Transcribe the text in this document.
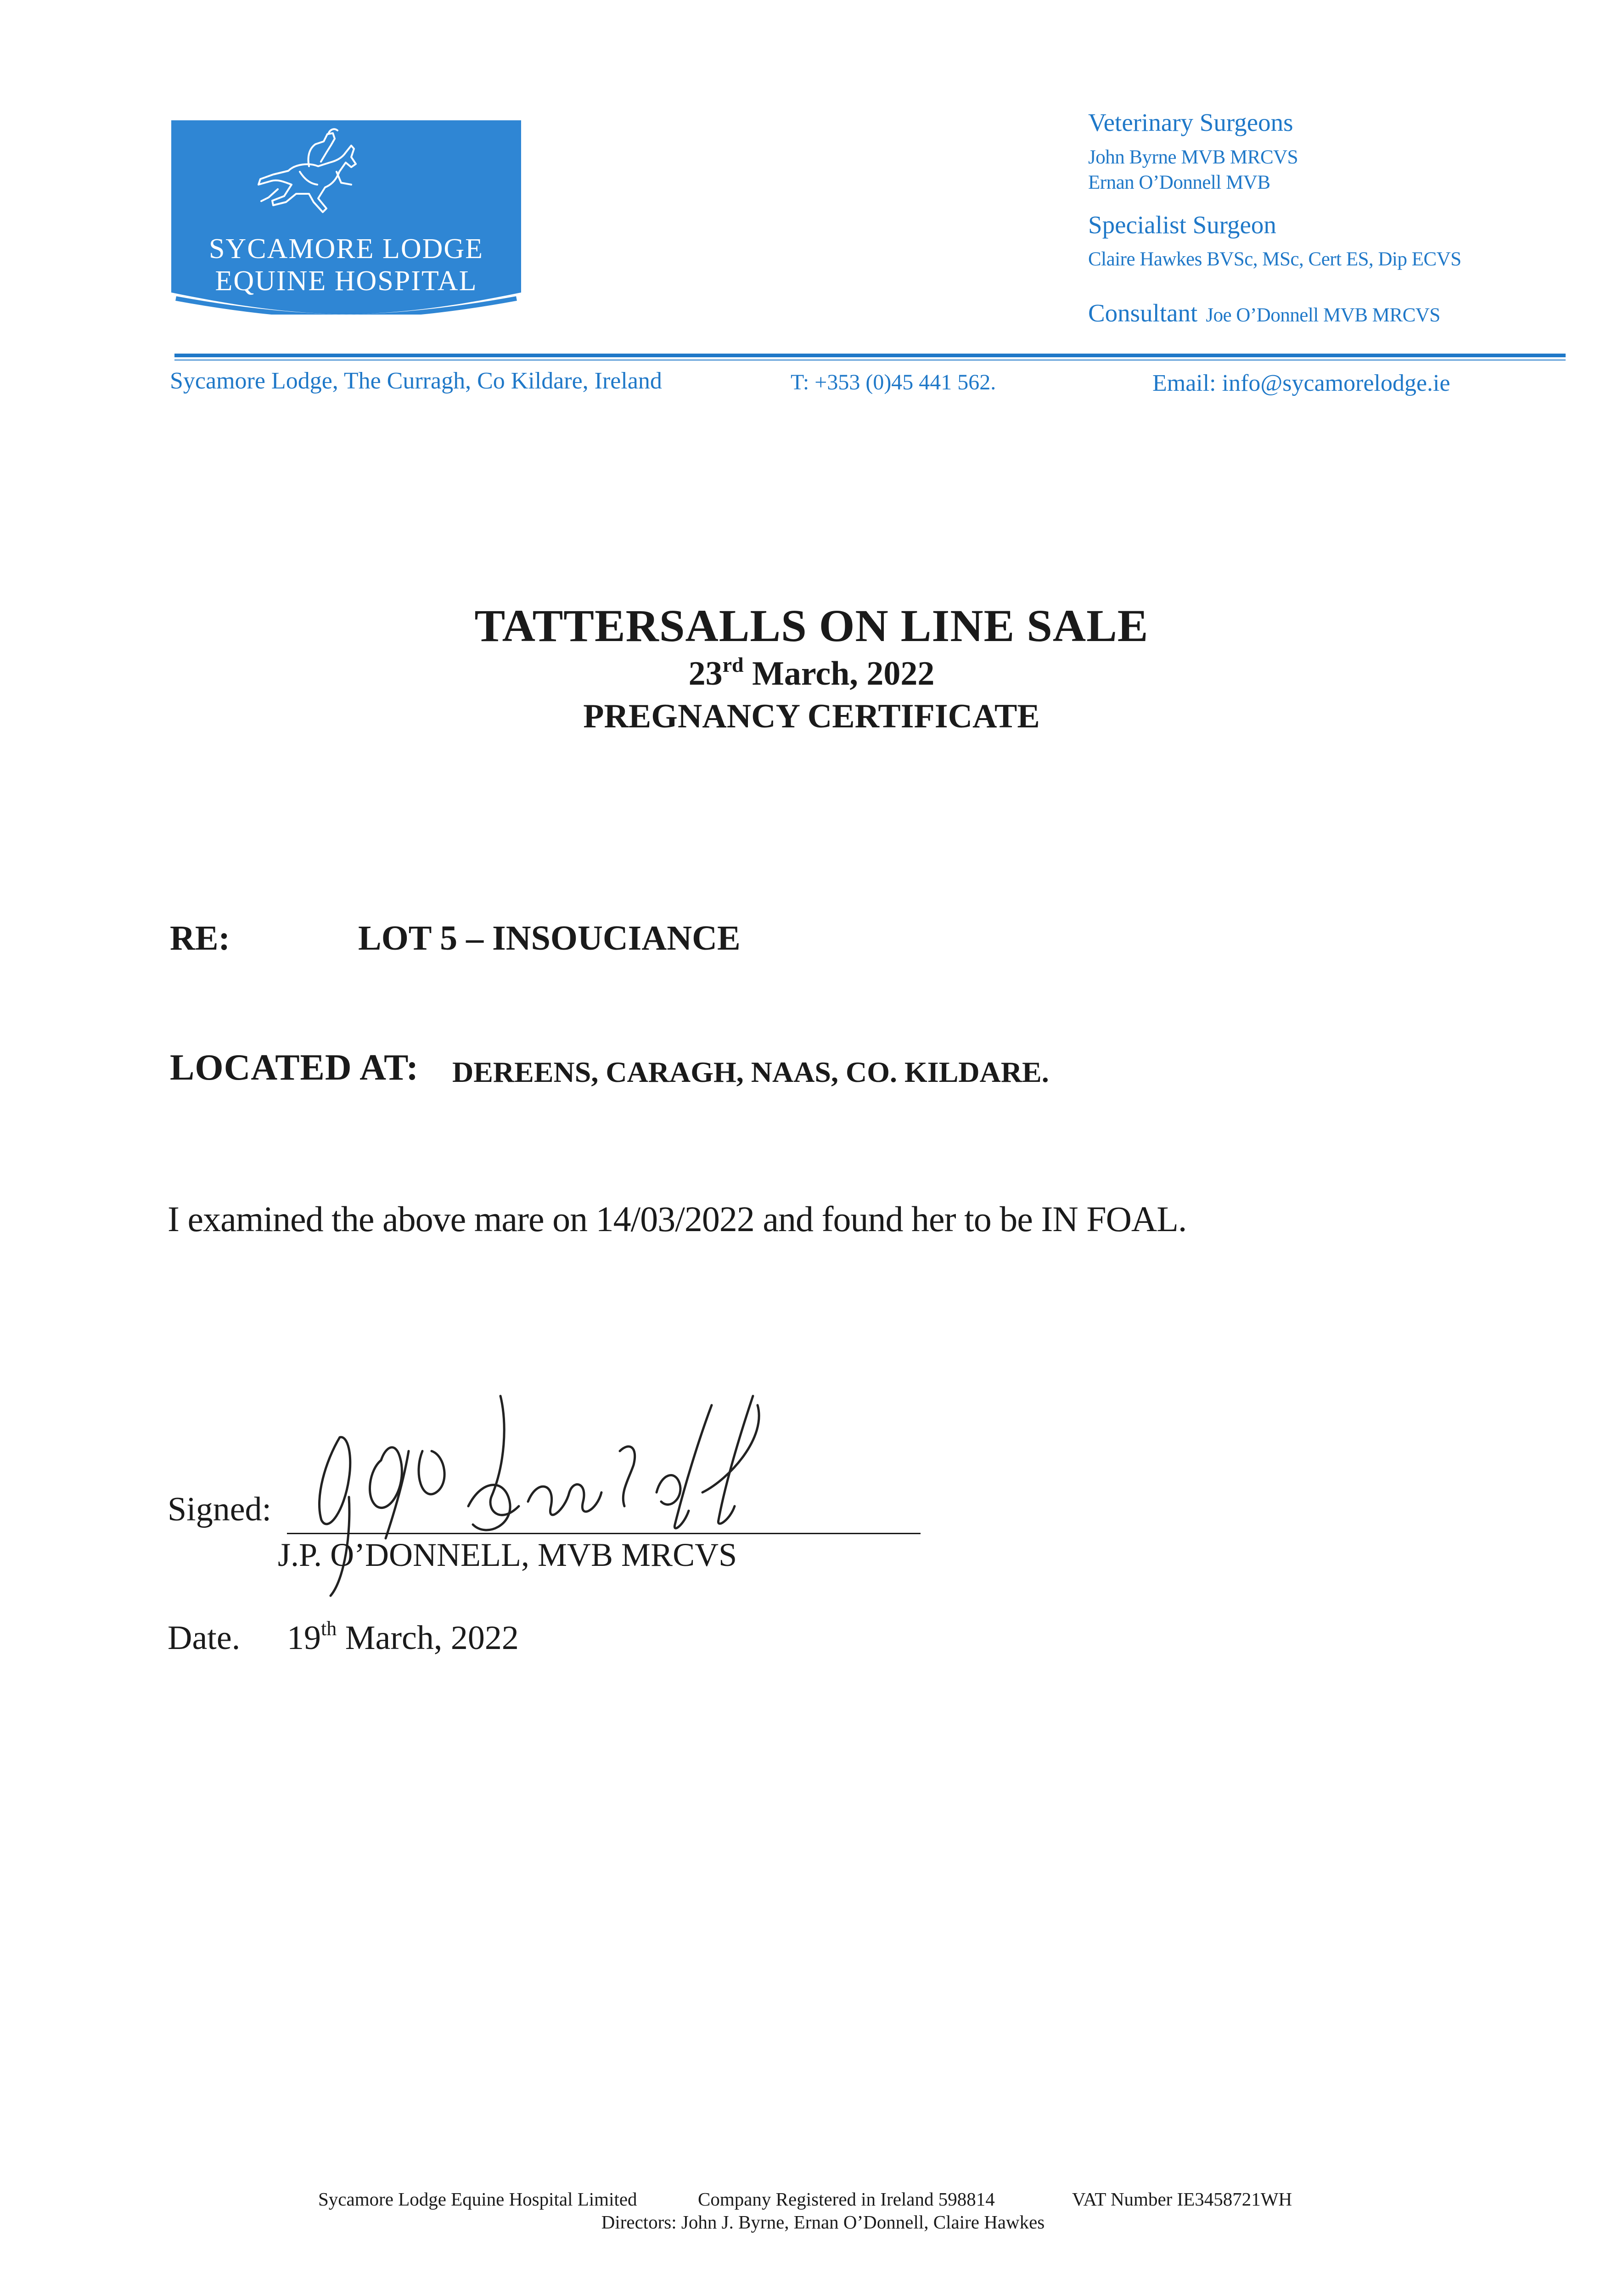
SYCAMORE LODGE
EQUINE HOSPITAL
Veterinary Surgeons
John Byrne MVB MRCVS
Ernan O’Donnell MVB
Specialist Surgeon
Claire Hawkes BVSc, MSc, Cert ES, Dip ECVS
Consultant Joe O’Donnell MVB MRCVS
Sycamore Lodge, The Curragh, Co Kildare, Ireland	T: +353 (0)45 441 562.	Email: info@sycamorelodge.ie
TATTERSALLS ON LINE SALE
23rd March, 2022
PREGNANCY CERTIFICATE
RE:	LOT 5 – INSOUCIANCE
LOCATED AT: DEREENS, CARAGH, NAAS, CO. KILDARE.
I examined the above mare on 14/03/2022 and found her to be IN FOAL.
Signed:
J.P. O’DONNELL, MVB MRCVS
Date. 19th March, 2022
Sycamore Lodge Equine Hospital Limited	Company Registered in Ireland 598814	VAT Number IE3458721WH
Directors: John J. Byrne, Ernan O’Donnell, Claire Hawkes
